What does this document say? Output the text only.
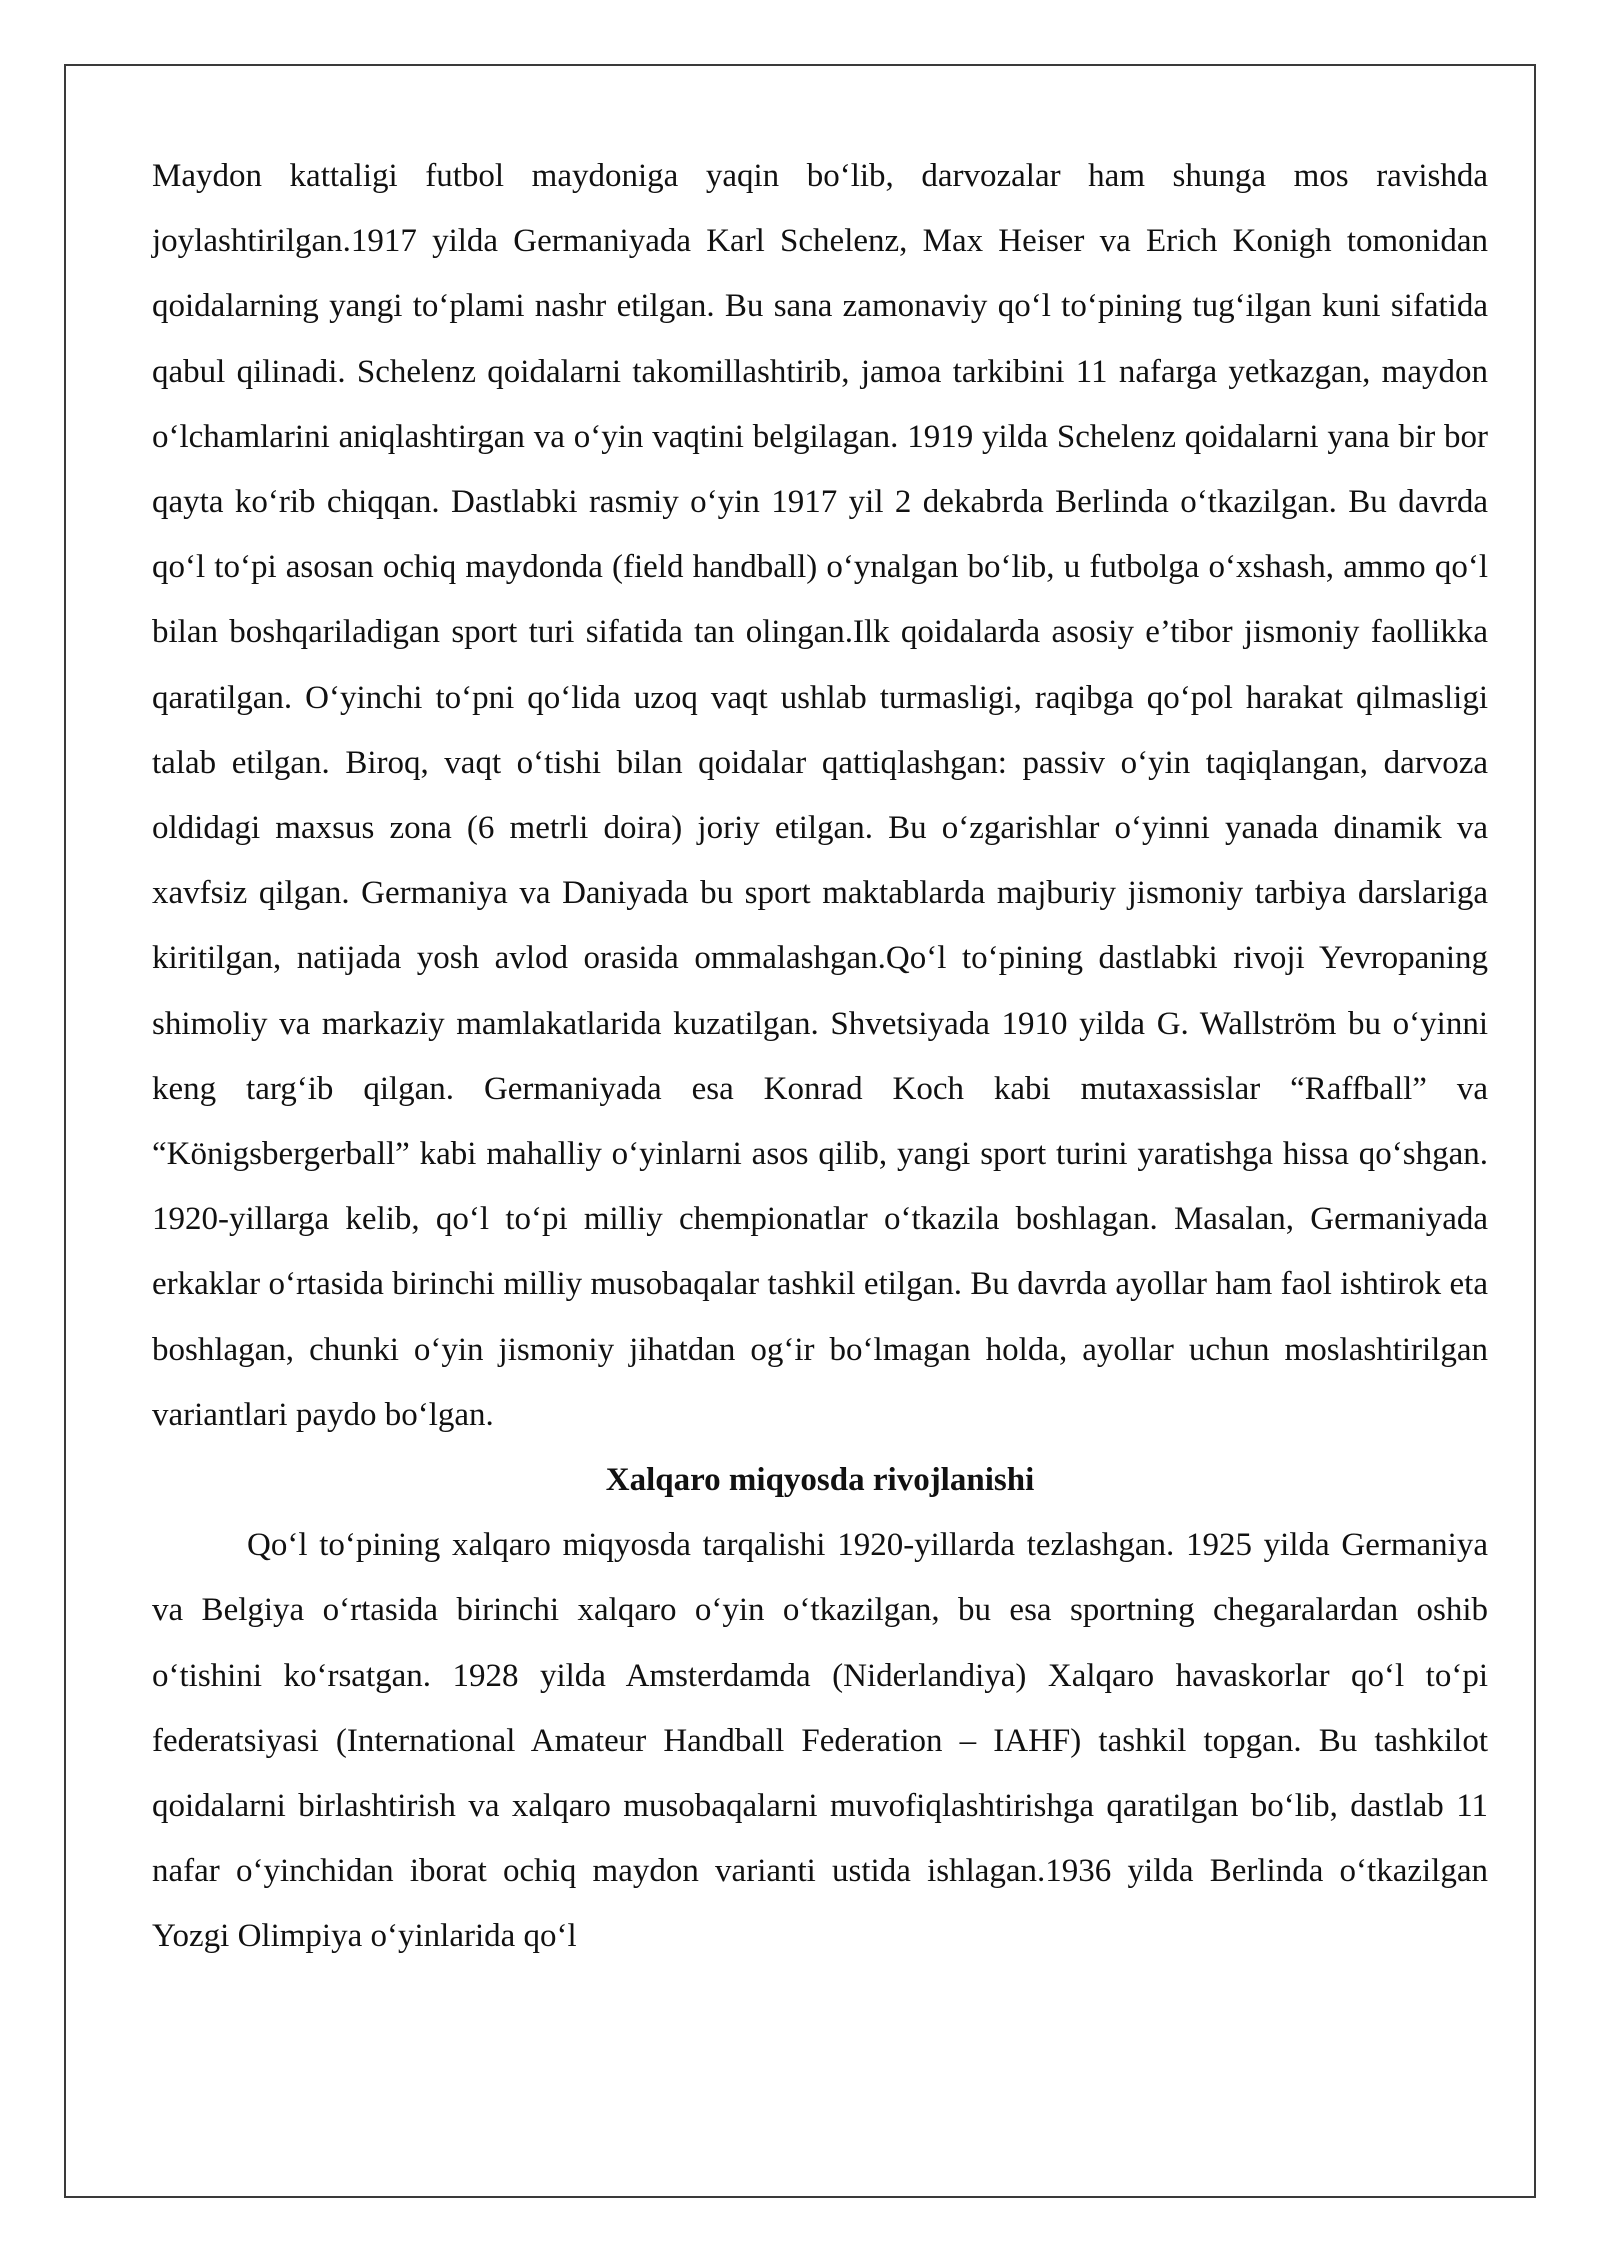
Maydon kattaligi futbol maydoniga yaqin bo‘lib, darvozalar ham shunga mos ravishda joylashtirilgan.1917 yilda Germaniyada Karl Schelenz, Max Heiser va Erich Konigh tomonidan qoidalarning yangi to‘plami nashr etilgan. Bu sana zamonaviy qo‘l to‘pining tug‘ilgan kuni sifatida qabul qilinadi. Schelenz qoidalarni takomillashtirib, jamoa tarkibini 11 nafarga yetkazgan, maydon o‘lchamlarini aniqlashtirgan va o‘yin vaqtini belgilagan. 1919 yilda Schelenz qoidalarni yana bir bor qayta ko‘rib chiqqan. Dastlabki rasmiy o‘yin 1917 yil 2 dekabrda Berlinda o‘tkazilgan. Bu davrda qo‘l to‘pi asosan ochiq maydonda (field handball) o‘ynalgan bo‘lib, u futbolga o‘xshash, ammo qo‘l bilan boshqariladigan sport turi sifatida tan olingan.Ilk qoidalarda asosiy e’tibor jismoniy faollikka qaratilgan. O‘yinchi to‘pni qo‘lida uzoq vaqt ushlab turmasligi, raqibga qo‘pol harakat qilmasligi talab etilgan. Biroq, vaqt o‘tishi bilan qoidalar qattiqlashgan: passiv o‘yin taqiqlangan, darvoza oldidagi maxsus zona (6 metrli doira) joriy etilgan. Bu o‘zgarishlar o‘yinni yanada dinamik va xavfsiz qilgan. Germaniya va Daniyada bu sport maktablarda majburiy jismoniy tarbiya darslariga kiritilgan, natijada yosh avlod orasida ommalashgan.Qo‘l to‘pining dastlabki rivoji Yevropaning shimoliy va markaziy mamlakatlarida kuzatilgan. Shvetsiyada 1910 yilda G. Wallström bu o‘yinni keng targ‘ib qilgan. Germaniyada esa Konrad Koch kabi mutaxassislar “Raffball” va “Königsbergerball” kabi mahalliy o‘yinlarni asos qilib, yangi sport turini yaratishga hissa qo‘shgan. 1920-yillarga kelib, qo‘l to‘pi milliy chempionatlar o‘tkazila boshlagan. Masalan, Germaniyada erkaklar o‘rtasida birinchi milliy musobaqalar tashkil etilgan. Bu davrda ayollar ham faol ishtirok eta boshlagan, chunki o‘yin jismoniy jihatdan og‘ir bo‘lmagan holda, ayollar uchun moslashtirilgan variantlari paydo bo‘lgan.

Xalqaro miqyosda rivojlanishi

Qo‘l to‘pining xalqaro miqyosda tarqalishi 1920-yillarda tezlashgan. 1925 yilda Germaniya va Belgiya o‘rtasida birinchi xalqaro o‘yin o‘tkazilgan, bu esa sportning chegaralardan oshib o‘tishini ko‘rsatgan. 1928 yilda Amsterdamda (Niderlandiya) Xalqaro havaskorlar qo‘l to‘pi federatsiyasi (International Amateur Handball Federation – IAHF) tashkil topgan. Bu tashkilot qoidalarni birlashtirish va xalqaro musobaqalarni muvofiqlashtirishga qaratilgan bo‘lib, dastlab 11 nafar o‘yinchidan iborat ochiq maydon varianti ustida ishlagan.1936 yilda Berlinda o‘tkazilgan Yozgi Olimpiya o‘yinlarida qo‘l
